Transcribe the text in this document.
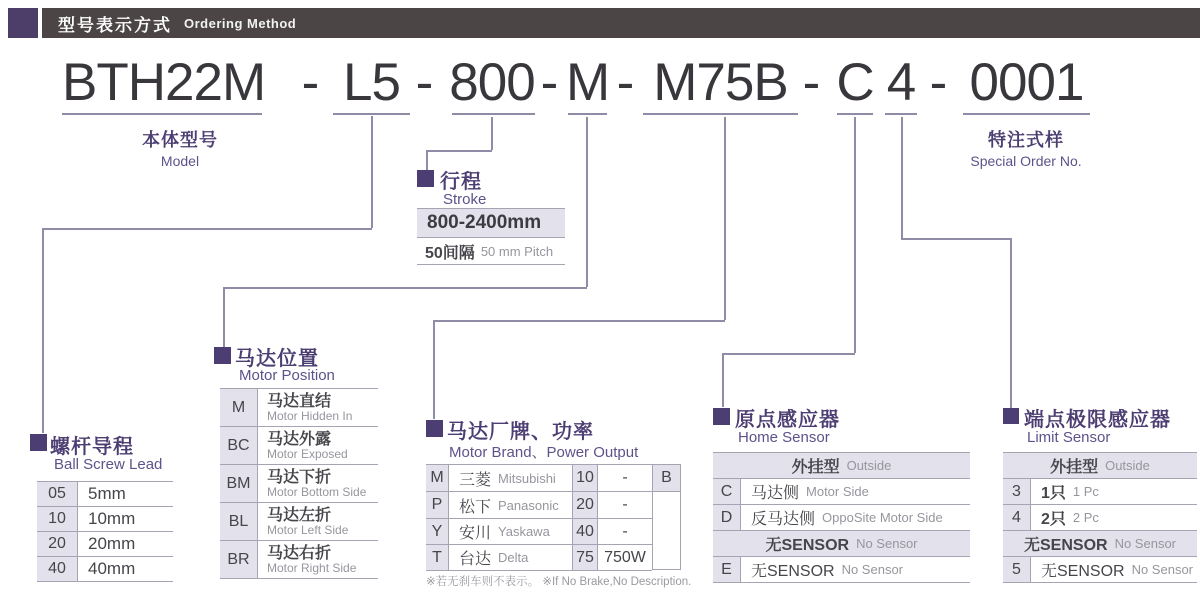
型号表示方式 Ordering Method
BTH22M - L5 - 800 - M - M75B - C 4 - 0001
本体型号
Model
特注式样
Special Order No.
螺杆导程
Ball Screw Lead
05	5mm
10	10mm
20	20mm
40	40mm
马达位置
Motor Position
M	马达直结
Motor Hidden In
BC	马达外露
Motor Exposed
BM	马达下折
Motor Bottom Side
BL	马达左折
Motor Left Side
BR	马达右折
Motor Right Side
行程
Stroke
800-2400mm
50间隔 50 mm Pitch
马达厂牌、功率
Motor Brand、Power Output
M 三菱 Mitsubishi 10	-
P	松下 Panasonic 20	-
Y	安川 Yaskawa 40	-
T	台达 Delta	75 750W
B
※若无刹车则不表示。 ※If No Brake,No Description.
原点感应器
Home Sensor
外挂型 Outside
C	马达侧 Motor Side
D	反马达侧 OppoSite Motor Side
无SENSOR No Sensor
E	无SENSOR No Sensor
端点极限感应器
Limit Sensor
外挂型 Outside
3	1只 1 Pc
4	2只 2 Pc
无SENSOR No Sensor
5	无SENSOR No Sensor
